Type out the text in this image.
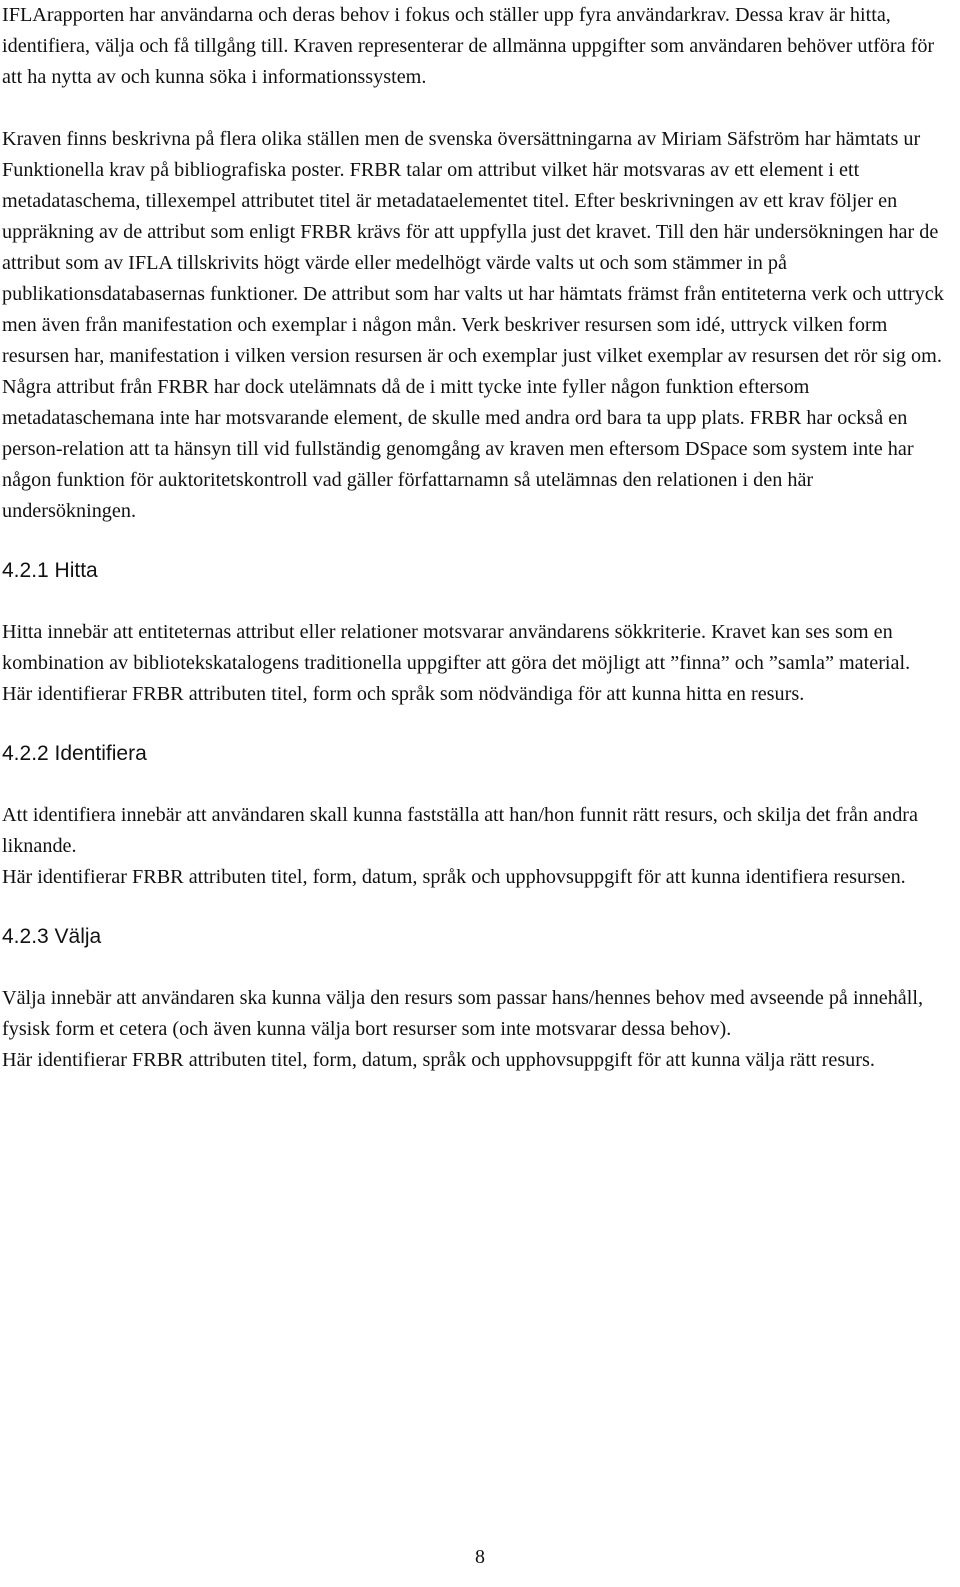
IFLArapporten har användarna och deras behov i fokus och ställer upp fyra användarkrav. Dessa krav är hitta, identifiera, välja och få tillgång till. Kraven representerar de allmänna uppgifter som användaren behöver utföra för att ha nytta av och kunna söka i informationssystem.

Kraven finns beskrivna på flera olika ställen men de svenska översättningarna av Miriam Säfström har hämtats ur Funktionella krav på bibliografiska poster. FRBR talar om attribut vilket här motsvaras av ett element i ett metadataschema, tillexempel attributet titel är metadataelementet titel. Efter beskrivningen av ett krav följer en uppräkning av de attribut som enligt FRBR krävs för att uppfylla just det kravet. Till den här undersökningen har de attribut som av IFLA tillskrivits högt värde eller medelhögt värde valts ut och som stämmer in på publikationsdatabasernas funktioner. De attribut som har valts ut har hämtats främst från entiteterna verk och uttryck men även från manifestation och exemplar i någon mån. Verk beskriver resursen som idé, uttryck vilken form resursen har, manifestation i vilken version resursen är och exemplar just vilket exemplar av resursen det rör sig om. Några attribut från FRBR har dock utelämnats då de i mitt tycke inte fyller någon funktion eftersom metadataschemana inte har motsvarande element, de skulle med andra ord bara ta upp plats. FRBR har också en person-relation att ta hänsyn till vid fullständig genomgång av kraven men eftersom DSpace som system inte har någon funktion för auktoritetskontroll vad gäller författarnamn så utelämnas den relationen i den här undersökningen.

4.2.1 Hitta

Hitta innebär att entiteternas attribut eller relationer motsvarar användarens sökkriterie. Kravet kan ses som en kombination av bibliotekskatalogens traditionella uppgifter att göra det möjligt att ”finna” och ”samla” material.

Här identifierar FRBR attributen titel, form och språk som nödvändiga för att kunna hitta en resurs.

4.2.2 Identifiera

Att identifiera innebär att användaren skall kunna fastställa att han/hon funnit rätt resurs, och skilja det från andra liknande.

Här identifierar FRBR attributen titel, form, datum, språk och upphovsuppgift för att kunna identifiera resursen.

4.2.3 Välja

Välja innebär att användaren ska kunna välja den resurs som passar hans/hennes behov med avseende på innehåll, fysisk form et cetera (och även kunna välja bort resurser som inte motsvarar dessa behov).

Här identifierar FRBR attributen titel, form, datum, språk och upphovsuppgift för att kunna välja rätt resurs.

8
